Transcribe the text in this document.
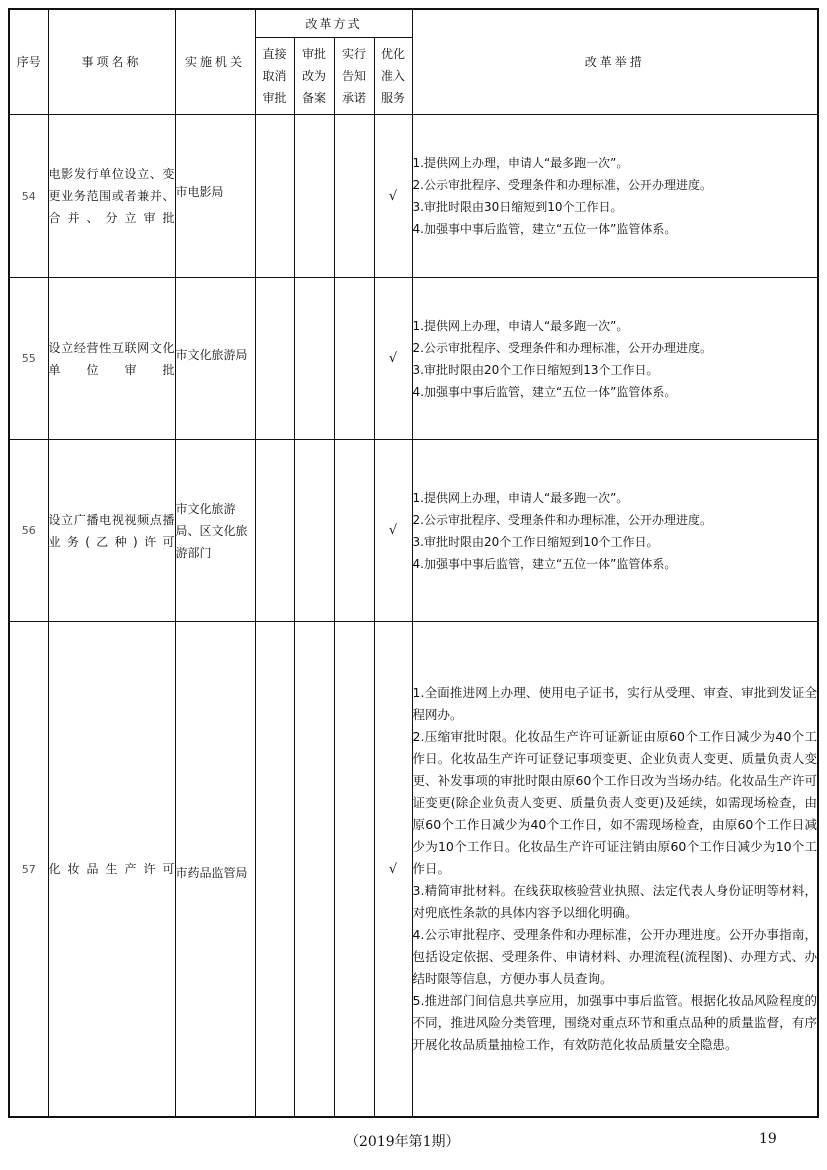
序号	事项名称	实施机关	改革方式				改革举措

			直接取消审批	审批改为备案	实行告知承诺	优化准入服务	

54	电影发行单位设立、变更业务范围或者兼并、合并、分立审批	市电影局				√	1.提供网上办理，申请人“最多跑一次”。

2.公示审批程序、受理条件和办理标准，公开办理进度。

3.审批时限由30日缩短到10个工作日。

4.加强事中事后监管，建立“五位一体”监管体系。

55	设立经营性互联网文化单位审批	市文化旅游局				√	1.提供网上办理，申请人“最多跑一次”。

2.公示审批程序、受理条件和办理标准，公开办理进度。

3.审批时限由20个工作日缩短到13个工作日。

4.加强事中事后监管，建立“五位一体”监管体系。

56	设立广播电视视频点播业务(乙种)许可	市文化旅游局、区文化旅游部门				√	1.提供网上办理，申请人“最多跑一次”。

2.公示审批程序、受理条件和办理标准，公开办理进度。

3.审批时限由20个工作日缩短到10个工作日。

4.加强事中事后监管，建立“五位一体”监管体系。

57	化妆品生产许可	市药品监管局				√	1.全面推进网上办理、使用电子证书，实行从受理、审查、审批到发证全程网办。

2.压缩审批时限。化妆品生产许可证新证由原60个工作日减少为40个工作日。化妆品生产许可证登记事项变更、企业负责人变更、质量负责人变更、补发事项的审批时限由原60个工作日改为当场办结。化妆品生产许可证变更(除企业负责人变更、质量负责人变更)及延续，如需现场检查，由原60个工作日减少为40个工作日，如不需现场检查，由原60个工作日减少为10个工作日。化妆品生产许可证注销由原60个工作日减少为10个工作日。

3.精简审批材料。在线获取核验营业执照、法定代表人身份证明等材料，对兜底性条款的具体内容予以细化明确。

4.公示审批程序、受理条件和办理标准，公开办理进度。公开办事指南，包括设定依据、受理条件、申请材料、办理流程(流程图)、办理方式、办结时限等信息，方便办事人员查询。

5.推进部门间信息共享应用，加强事中事后监管。根据化妆品风险程度的不同，推进风险分类管理，围绕对重点环节和重点品种的质量监督，有序开展化妆品质量抽检工作，有效防范化妆品质量安全隐患。

（2019年第1期）	19
